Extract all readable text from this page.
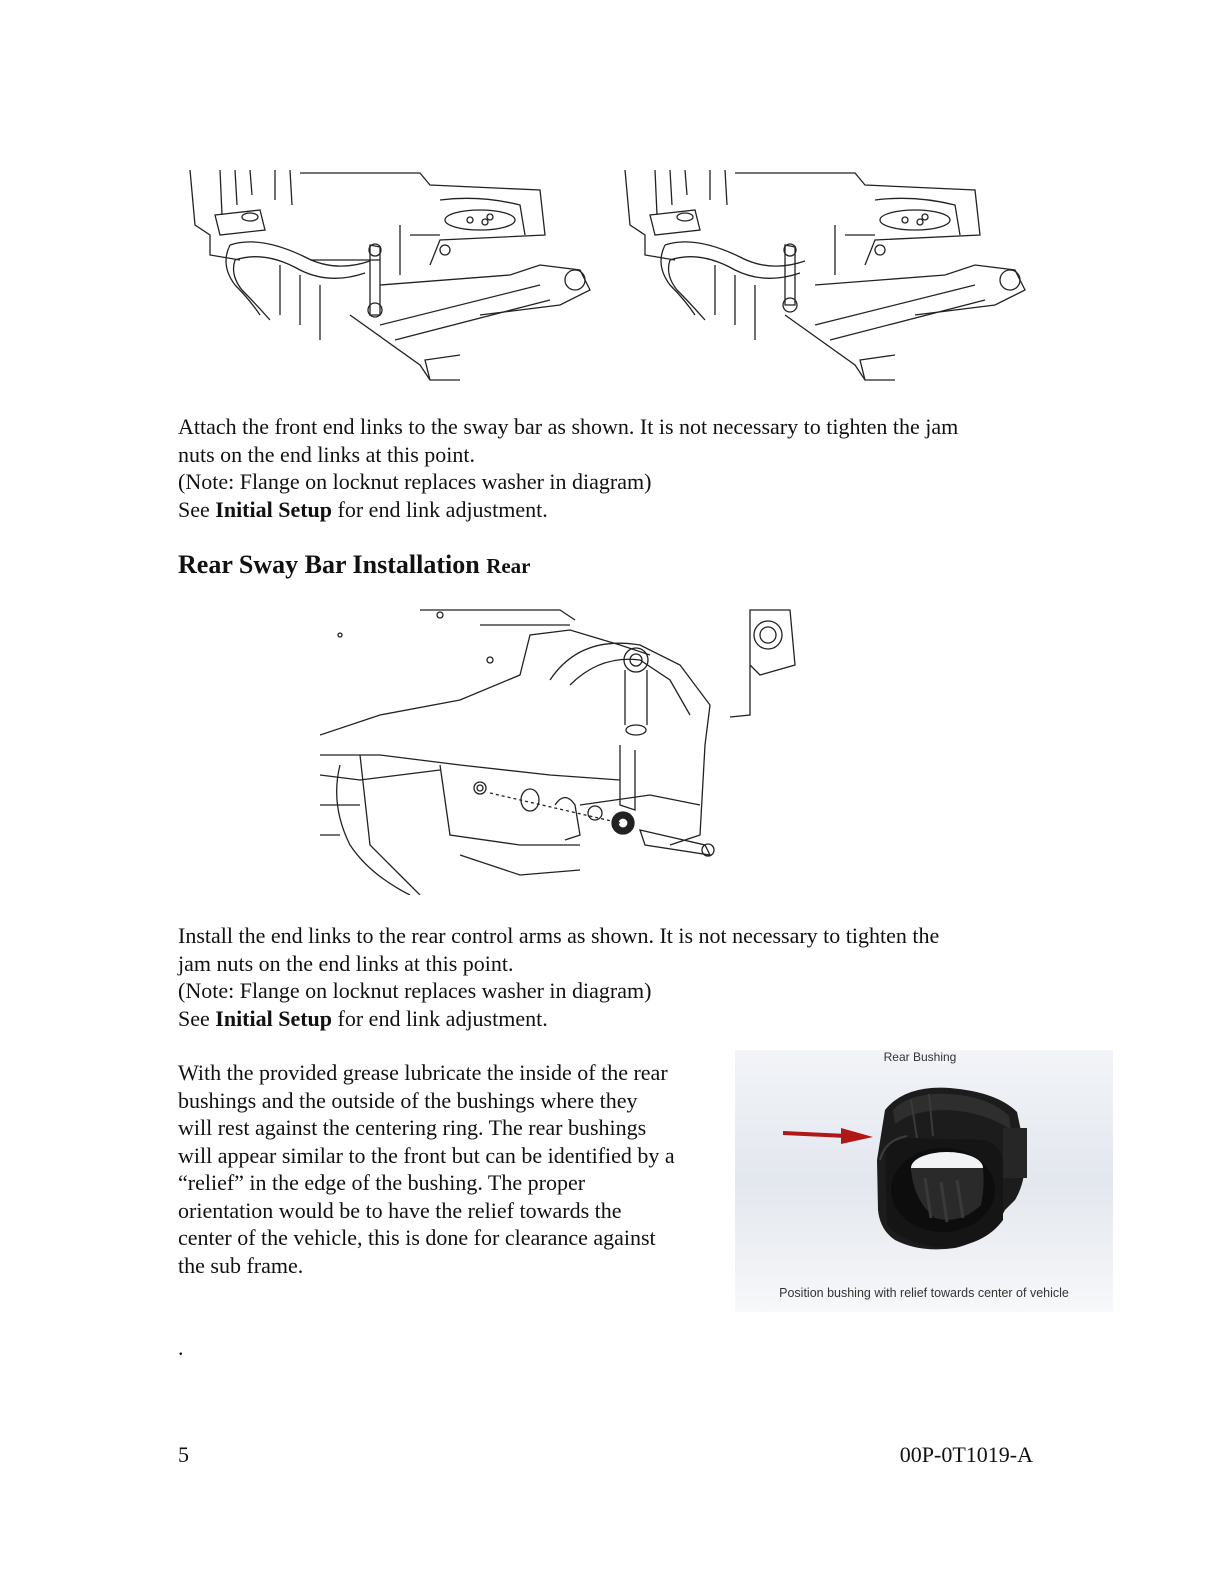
Attach the front end links to the sway bar as shown. It is not necessary to tighten the jam

nuts on the end links at this point.

(Note: Flange on locknut replaces washer in diagram)

See Initial Setup for end link adjustment.

Rear Sway Bar Installation Rear

Install the end links to the rear control arms as shown. It is not necessary to tighten the

jam nuts on the end links at this point.

(Note: Flange on locknut replaces washer in diagram)

See Initial Setup for end link adjustment.

With the provided grease lubricate the inside of the rear

bushings and the outside of the bushings where they

will rest against the centering ring. The rear bushings

will appear similar to the front but can be identified by a

“relief” in the edge of the bushing. The proper

orientation would be to have the relief towards the

center of the vehicle, this is done for clearance against

the sub frame.

Rear Bushing
Position bushing with relief towards center of vehicle
.
5	00P-0T1019-A
